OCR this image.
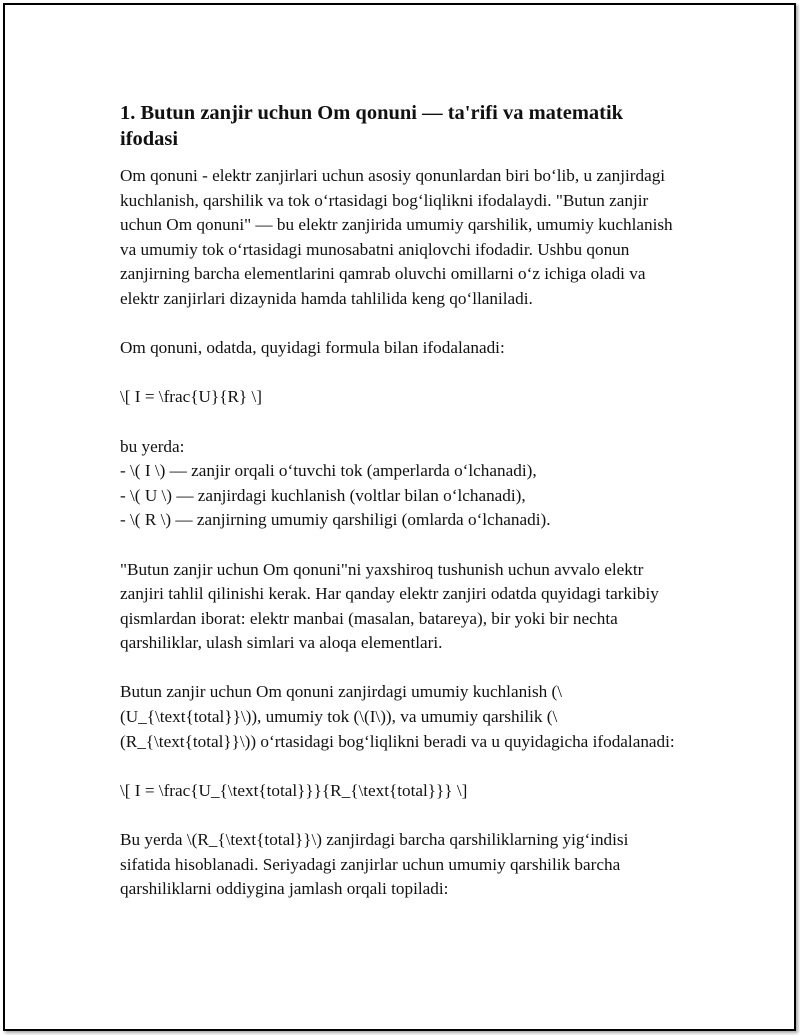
1. Butun zanjir uchun Om qonuni — ta'rifi va matematik ifodasi

Om qonuni - elektr zanjirlari uchun asosiy qonunlardan biri bo‘lib, u zanjirdagi kuchlanish, qarshilik va tok o‘rtasidagi bog‘liqlikni ifodalaydi. "Butun zanjir uchun Om qonuni" — bu elektr zanjirida umumiy qarshilik, umumiy kuchlanish va umumiy tok o‘rtasidagi munosabatni aniqlovchi ifodadir. Ushbu qonun zanjirning barcha elementlarini qamrab oluvchi omillarni o‘z ichiga oladi va elektr zanjirlari dizaynida hamda tahlilida keng qo‘llaniladi.

Om qonuni, odatda, quyidagi formula bilan ifodalanadi:

\[ I = \frac{U}{R} \]

bu yerda:
- \( I \) — zanjir orqali o‘tuvchi tok (amperlarda o‘lchanadi),
- \( U \) — zanjirdagi kuchlanish (voltlar bilan o‘lchanadi),
- \( R \) — zanjirning umumiy qarshiligi (omlarda o‘lchanadi).

"Butun zanjir uchun Om qonuni"ni yaxshiroq tushunish uchun avvalo elektr zanjiri tahlil qilinishi kerak. Har qanday elektr zanjiri odatda quyidagi tarkibiy qismlardan iborat: elektr manbai (masalan, batareya), bir yoki bir nechta qarshiliklar, ulash simlari va aloqa elementlari.

Butun zanjir uchun Om qonuni zanjirdagi umumiy kuchlanish (\ (U_{\text{total}}\)), umumiy tok (\(I\)), va umumiy qarshilik (\ (R_{\text{total}}\)) o‘rtasidagi bog‘liqlikni beradi va u quyidagicha ifodalanadi:

\[ I = \frac{U_{\text{total}}}{R_{\text{total}}} \]

Bu yerda \(R_{\text{total}}\) zanjirdagi barcha qarshiliklarning yig‘indisi sifatida hisoblanadi. Seriyadagi zanjirlar uchun umumiy qarshilik barcha qarshiliklarni oddiygina jamlash orqali topiladi:
